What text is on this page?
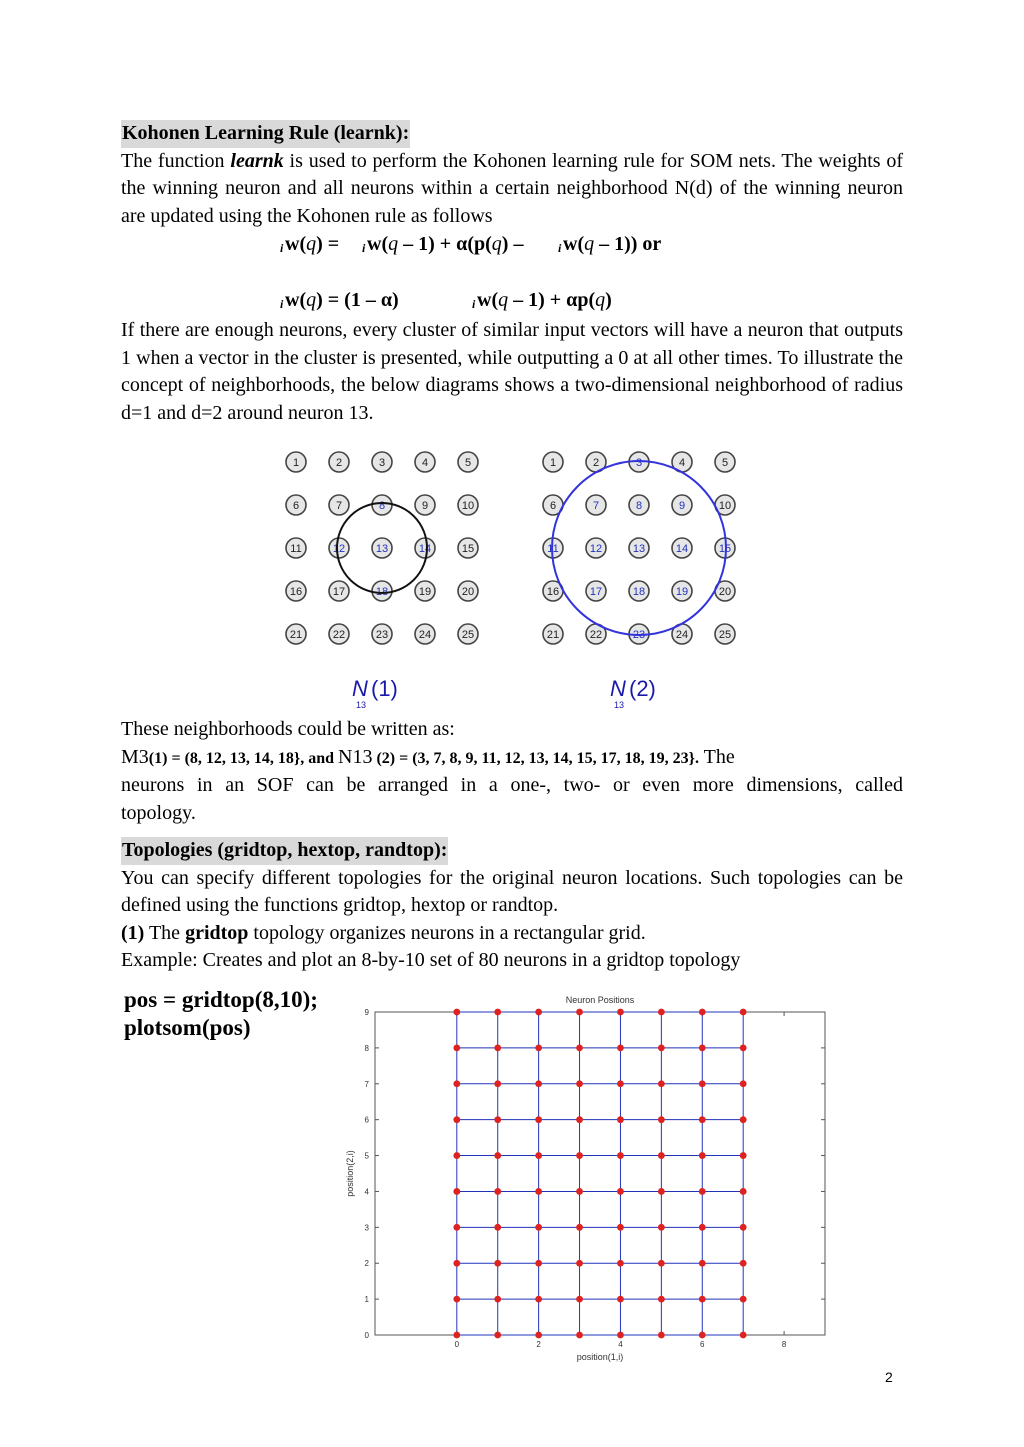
Kohonen Learning Rule (learnk):
The function learnk is used to perform the Kohonen learning rule for SOM nets. The weights of the winning neuron and all neurons within a certain neighborhood N(d) of the winning neuron are updated using the Kohonen rule as follows
i w(q) = i w(q – 1) + α(p(q) –	i w(q – 1)) or
i w(q) = (1 – α)	i w(q – 1) + αp(q)
If there are enough neurons, every cluster of similar input vectors will have a neuron that outputs 1 when a vector in the cluster is presented, while outputting a 0 at all other times. To illustrate the concept of neighborhoods, the below diagrams shows a two-dimensional neighborhood of radius d=1 and d=2 around neuron 13.
1	2	3	4	5
6	7	8	9	10
11	12	13	14	15
16	17	18	19	20
21	22	23	24	25
1	2	3	4	5
6	7	8	9	10
11	12	13	14	15
16	17	18	19	20
21	22	23	24	25
N (1)
13
N (2)
13
These neighborhoods could be written as:
M3(1) = (8, 12, 13, 14, 18}, and N13 (2) = (3, 7, 8, 9, 11, 12, 13, 14, 15, 17, 18, 19, 23}. The
neurons in an SOF can be arranged in a one-, two- or even more dimensions, called
topology.
Topologies (gridtop, hextop, randtop):
You can specify different topologies for the original neuron locations. Such topologies can be defined using the functions gridtop, hextop or randtop.
(1) The gridtop topology organizes neurons in a rectangular grid.
Example: Creates and plot an 8-by-10 set of 80 neurons in a gridtop topology
pos = gridtop(8,10);
plotsom(pos)
Neuron Positions
0
1
2
3
4
5
6
7
8
9
0	2	4	6	8
position(1,i)
position(2,i)
2
